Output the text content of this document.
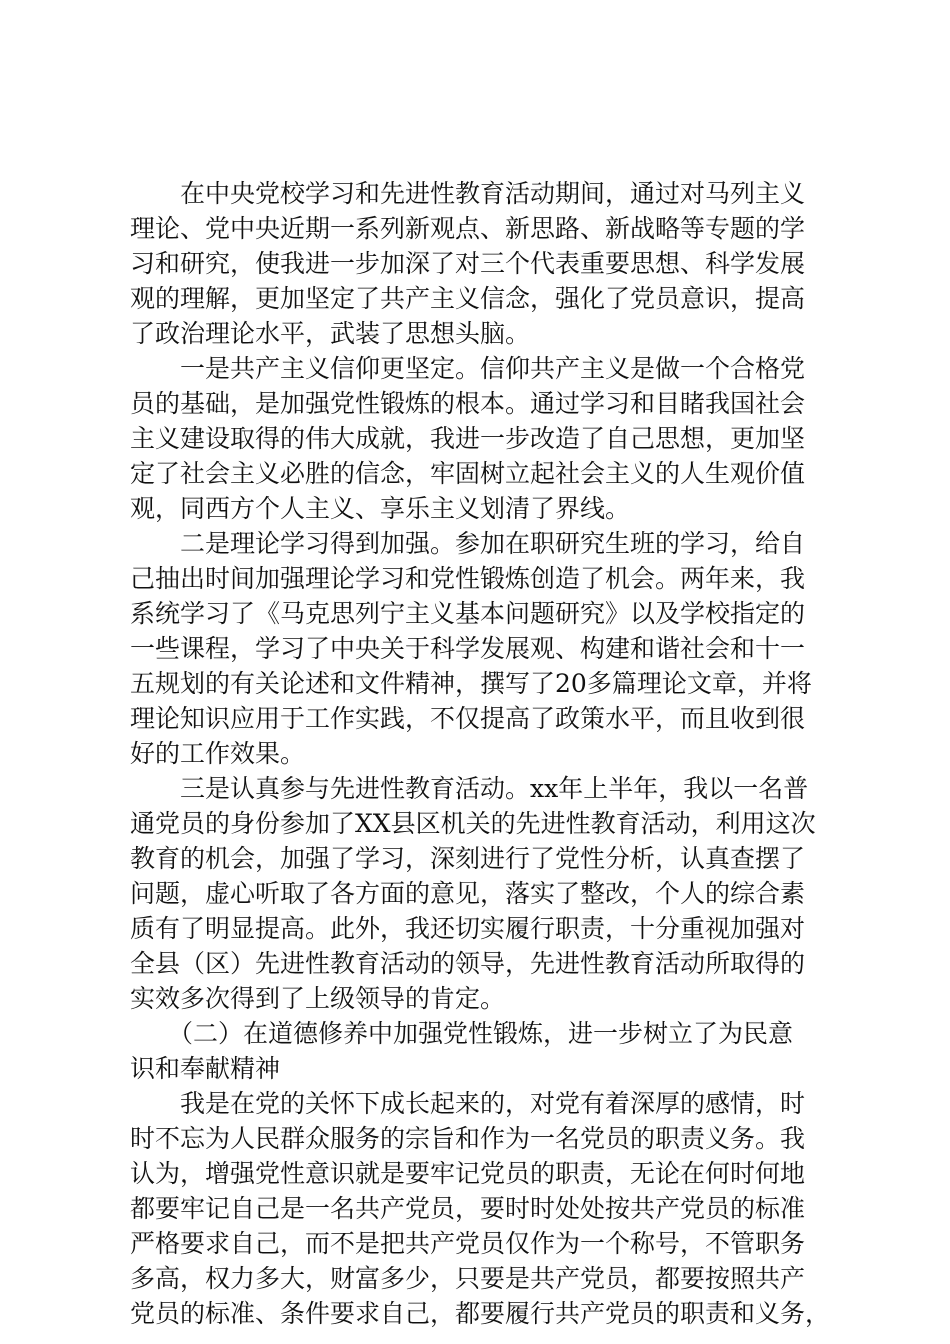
在中央党校学习和先进性教育活动期间，通过对马列主义
理论、党中央近期一系列新观点、新思路、新战略等专题的学
习和研究，使我进一步加深了对三个代表重要思想、科学发展
观的理解，更加坚定了共产主义信念，强化了党员意识，提高
了政治理论水平，武装了思想头脑。
一是共产主义信仰更坚定。信仰共产主义是做一个合格党
员的基础，是加强党性锻炼的根本。通过学习和目睹我国社会
主义建设取得的伟大成就，我进一步改造了自己思想，更加坚
定了社会主义必胜的信念，牢固树立起社会主义的人生观价值
观，同西方个人主义、享乐主义划清了界线。
二是理论学习得到加强。参加在职研究生班的学习，给自
己抽出时间加强理论学习和党性锻炼创造了机会。两年来，我
系统学习了《马克思列宁主义基本问题研究》以及学校指定的
一些课程，学习了中央关于科学发展观、构建和谐社会和十一
五规划的有关论述和文件精神，撰写了20多篇理论文章，并将
理论知识应用于工作实践，不仅提高了政策水平，而且收到很
好的工作效果。
三是认真参与先进性教育活动。xx年上半年，我以一名普
通党员的身份参加了XX县区机关的先进性教育活动，利用这次
教育的机会，加强了学习，深刻进行了党性分析，认真查摆了
问题，虚心听取了各方面的意见，落实了整改，个人的综合素
质有了明显提高。此外，我还切实履行职责，十分重视加强对
全县（区）先进性教育活动的领导，先进性教育活动所取得的
实效多次得到了上级领导的肯定。
（二）在道德修养中加强党性锻炼，进一步树立了为民意
识和奉献精神
我是在党的关怀下成长起来的，对党有着深厚的感情，时
时不忘为人民群众服务的宗旨和作为一名党员的职责义务。我
认为，增强党性意识就是要牢记党员的职责，无论在何时何地
都要牢记自己是一名共产党员，要时时处处按共产党员的标准
严格要求自己，而不是把共产党员仅作为一个称号，不管职务
多高，权力多大，财富多少，只要是共产党员，都要按照共产
党员的标准、条件要求自己，都要履行共产党员的职责和义务，
